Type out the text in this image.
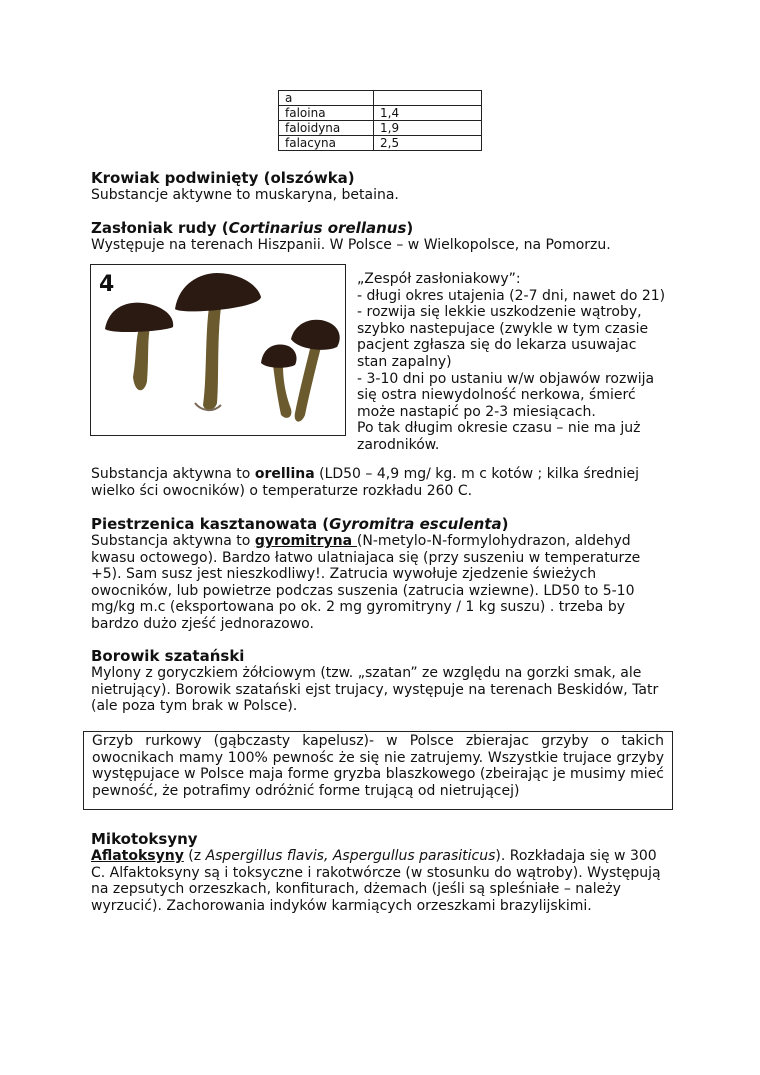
a	
faloina	1,4
faloidyna	1,9
falacyna	2,5
Krowiak podwinięty (olszówka)
Substancje aktywne to muskaryna, betaina.
Zasłoniak rudy (Cortinarius orellanus)
Występuje na terenach Hiszpanii. W Polsce – w Wielkopolsce, na Pomorzu.
4	„Zespół zasłoniakowy”:
- długi okres utajenia (2-7 dni, nawet do 21)
- rozwija się lekkie uszkodzenie wątroby,
szybko nastepujace (zwykle w tym czasie
pacjent zgłasza się do lekarza usuwajac
stan zapalny)
- 3-10 dni po ustaniu w/w objawów rozwija
się ostra niewydolność nerkowa, śmierć
może nastapić po 2-3 miesiącach.
Po tak długim okresie czasu – nie ma już
zarodników.
Substancja aktywna to orellina (LD50 – 4,9 mg/ kg. m c kotów ; kilka średniej
wielko ści owocników) o temperaturze rozkładu 260 C.
Piestrzenica kasztanowata (Gyromitra esculenta)
Substancja aktywna to gyromitryna (N-metylo-N-formylohydrazon, aldehyd
kwasu octowego). Bardzo łatwo ulatniajaca się (przy suszeniu w temperaturze
+5). Sam susz jest nieszkodliwy!. Zatrucia wywołuje zjedzenie świeżych
owocników, lub powietrze podczas suszenia (zatrucia wziewne). LD50 to 5-10
mg/kg m.c (eksportowana po ok. 2 mg gyromitryny / 1 kg suszu) . trzeba by
bardzo dużo zjeść jednorazowo.
Borowik szatański
Mylony z goryczkiem żółciowym (tzw. „szatan” ze względu na gorzki smak, ale
nietrujący). Borowik szatański ejst trujacy, występuje na terenach Beskidów, Tatr
(ale poza tym brak w Polsce).
Grzyb rurkowy (gąbczasty kapelusz)- w Polsce zbierajac grzyby o takich
owocnikach mamy 100% pewnośc że się nie zatrujemy. Wszystkie trujace grzyby
występujace w Polsce maja forme gryzba blaszkowego (zbeirając je musimy mieć
pewność, że potrafimy odróżnić forme trującą od nietrującej)
Mikotoksyny
Aflatoksyny (z Aspergillus flavis, Aspergullus parasiticus). Rozkładaja się w 300
C. Alfaktoksyny są i toksyczne i rakotwórcze (w stosunku do wątroby). Występują
na zepsutych orzeszkach, konfiturach, dżemach (jeśli są spleśniałe – należy
wyrzucić). Zachorowania indyków karmiących orzeszkami brazylijskimi.
